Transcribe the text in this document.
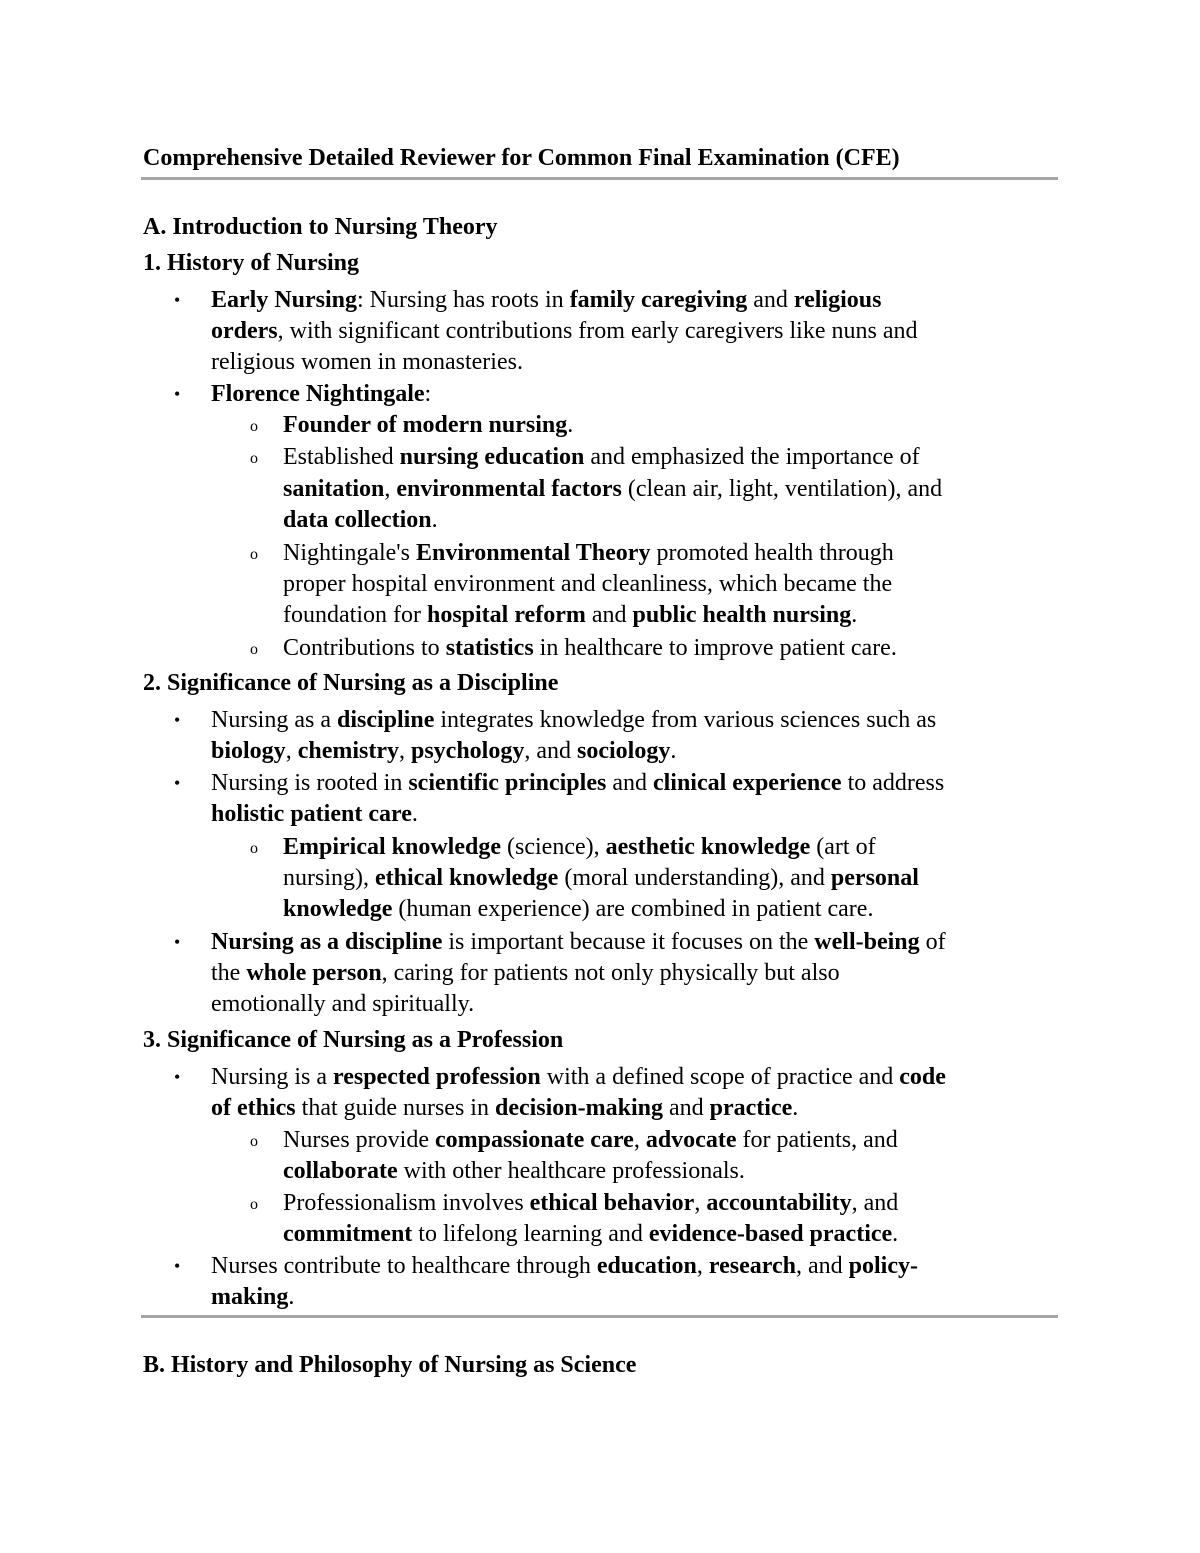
Comprehensive Detailed Reviewer for Common Final Examination (CFE)
A. Introduction to Nursing Theory
1. History of Nursing
• Early Nursing: Nursing has roots in family caregiving and religious
orders, with significant contributions from early caregivers like nuns and
religious women in monasteries.
• Florence Nightingale:
o Founder of modern nursing.
o Established nursing education and emphasized the importance of
sanitation, environmental factors (clean air, light, ventilation), and
data collection.
o Nightingale's Environmental Theory promoted health through
proper hospital environment and cleanliness, which became the
foundation for hospital reform and public health nursing.
o Contributions to statistics in healthcare to improve patient care.
2. Significance of Nursing as a Discipline
• Nursing as a discipline integrates knowledge from various sciences such as
biology, chemistry, psychology, and sociology.
• Nursing is rooted in scientific principles and clinical experience to address
holistic patient care.
o Empirical knowledge (science), aesthetic knowledge (art of
nursing), ethical knowledge (moral understanding), and personal
knowledge (human experience) are combined in patient care.
• Nursing as a discipline is important because it focuses on the well-being of
the whole person, caring for patients not only physically but also
emotionally and spiritually.
3. Significance of Nursing as a Profession
• Nursing is a respected profession with a defined scope of practice and code
of ethics that guide nurses in decision-making and practice.
o Nurses provide compassionate care, advocate for patients, and
collaborate with other healthcare professionals.
o Professionalism involves ethical behavior, accountability, and
commitment to lifelong learning and evidence-based practice.
• Nurses contribute to healthcare through education, research, and policy-
making.
B. History and Philosophy of Nursing as Science
